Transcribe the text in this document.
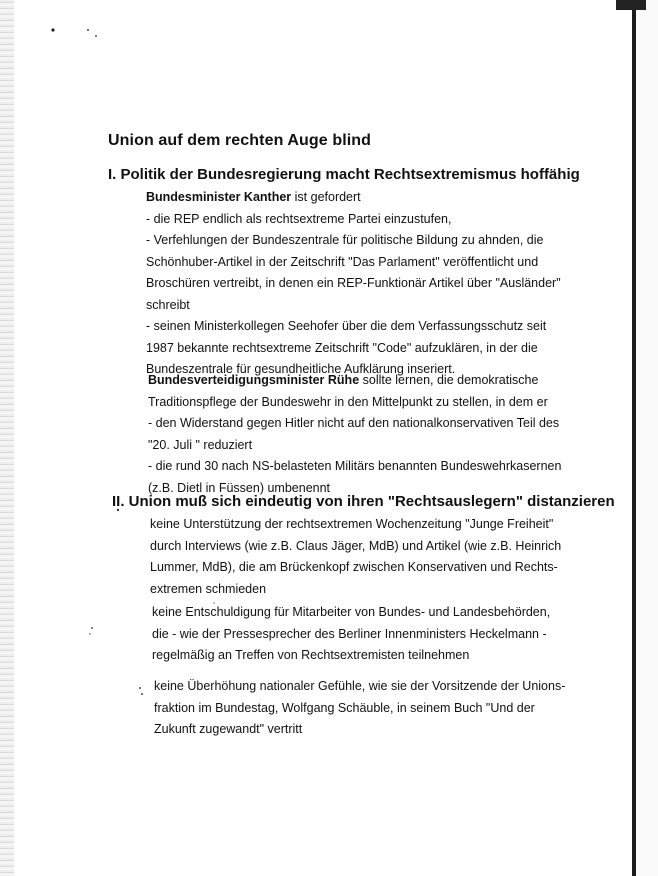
Union auf dem rechten Auge blind
I. Politik der Bundesregierung macht Rechtsextremismus hoffähig
Bundesminister Kanther ist gefordert
- die REP endlich als rechtsextreme Partei einzustufen,
- Verfehlungen der Bundeszentrale für politische Bildung zu ahnden, die
Schönhuber-Artikel in der Zeitschrift "Das Parlament" veröffentlicht und
Broschüren vertreibt, in denen ein REP-Funktionär Artikel über "Ausländer"
schreibt
- seinen Ministerkollegen Seehofer über die dem Verfassungsschutz seit
1987 bekannte rechtsextreme Zeitschrift "Code" aufzuklären, in der die
Bundeszentrale für gesundheitliche Aufklärung inseriert.
Bundesverteidigungsminister Rühe sollte lernen, die demokratische
Traditionspflege der Bundeswehr in den Mittelpunkt zu stellen, in dem er
- den Widerstand gegen Hitler nicht auf den nationalkonservativen Teil des
"20. Juli " reduziert
- die rund 30 nach NS-belasteten Militärs benannten Bundeswehrkasernen
(z.B. Dietl in Füssen) umbenennt
II. Union muß sich eindeutig von ihren "Rechtsauslegern" distanzieren
keine Unterstützung der rechtsextremen Wochenzeitung "Junge Freiheit"
durch Interviews (wie z.B. Claus Jäger, MdB) und Artikel (wie z.B. Heinrich
Lummer, MdB), die am Brückenkopf zwischen Konservativen und Rechts-
extremen schmieden
keine Entschuldigung für Mitarbeiter von Bundes- und Landesbehörden,
die - wie der Pressesprecher des Berliner Innenministers Heckelmann -
regelmäßig an Treffen von Rechtsextremisten teilnehmen
keine Überhöhung nationaler Gefühle, wie sie der Vorsitzende der Unions-
fraktion im Bundestag, Wolfgang Schäuble, in seinem Buch "Und der
Zukunft zugewandt" vertritt
